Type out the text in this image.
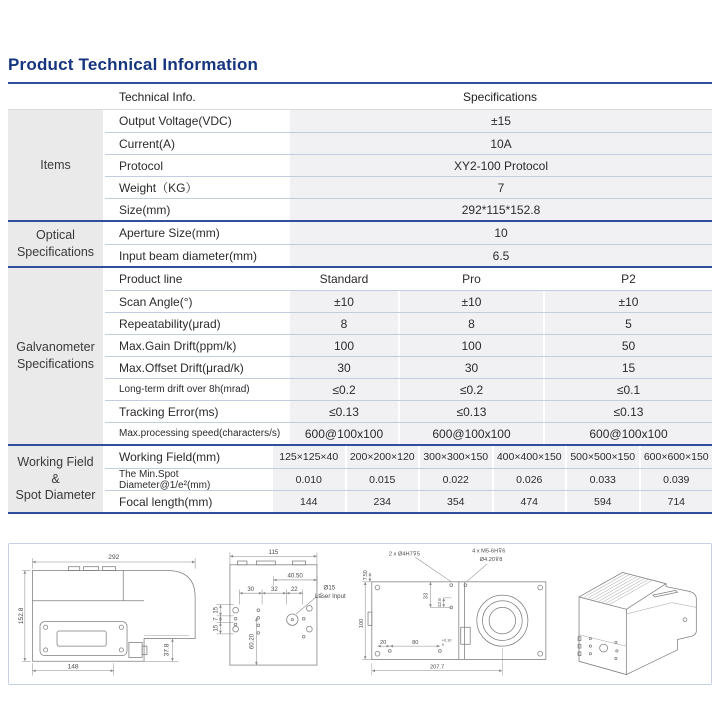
Product Technical Information
Technical Info.	Specifications
Items
Output Voltage(VDC)	±15
Current(A)	10A
Protocol	XY2-100 Protocol
Weight（KG）	7
Size(mm)	292*115*152.8
Optical
Specifications
Aperture Size(mm)	10
Input beam diameter(mm)	6.5
Galvanometer
Specifications
Product line	Standard	Pro	P2
Scan Angle(°)	±10	±10	±10
Repeatability(μrad)	8	8	5
Max.Gain Drift(ppm/k)	100	100	50
Max.Offset Drift(μrad/k)	30	30	15
Long-term drift over 8h(mrad)	≤0.2	≤0.2	≤0.1
Tracking Error(ms)	≤0.13	≤0.13	≤0.13
Max.processing speed(characters/s)	600@100x100	600@100x100	600@100x100
Working Field
&
Spot Diameter
Working Field(mm)	125×125×40	200×200×120 300×300×150 400×400×150 500×500×150 600×600×150
The Min.Spot Diameter@1/e²(mm)	0.010	0.015	0.022	0.026	0.033	0.039
Focal length(mm)	144	234	354	474	594	714
292
152.8
148
37.8
115
40.50
30	32 22
15
7
15
60.20
Ø15
Laser Input
2 x Ø4H7⊽5	4 x M5-6H⊽6
Ø4.20⊽8
7.50
100
33
12.6
20	80	+0.10
0
207.7
